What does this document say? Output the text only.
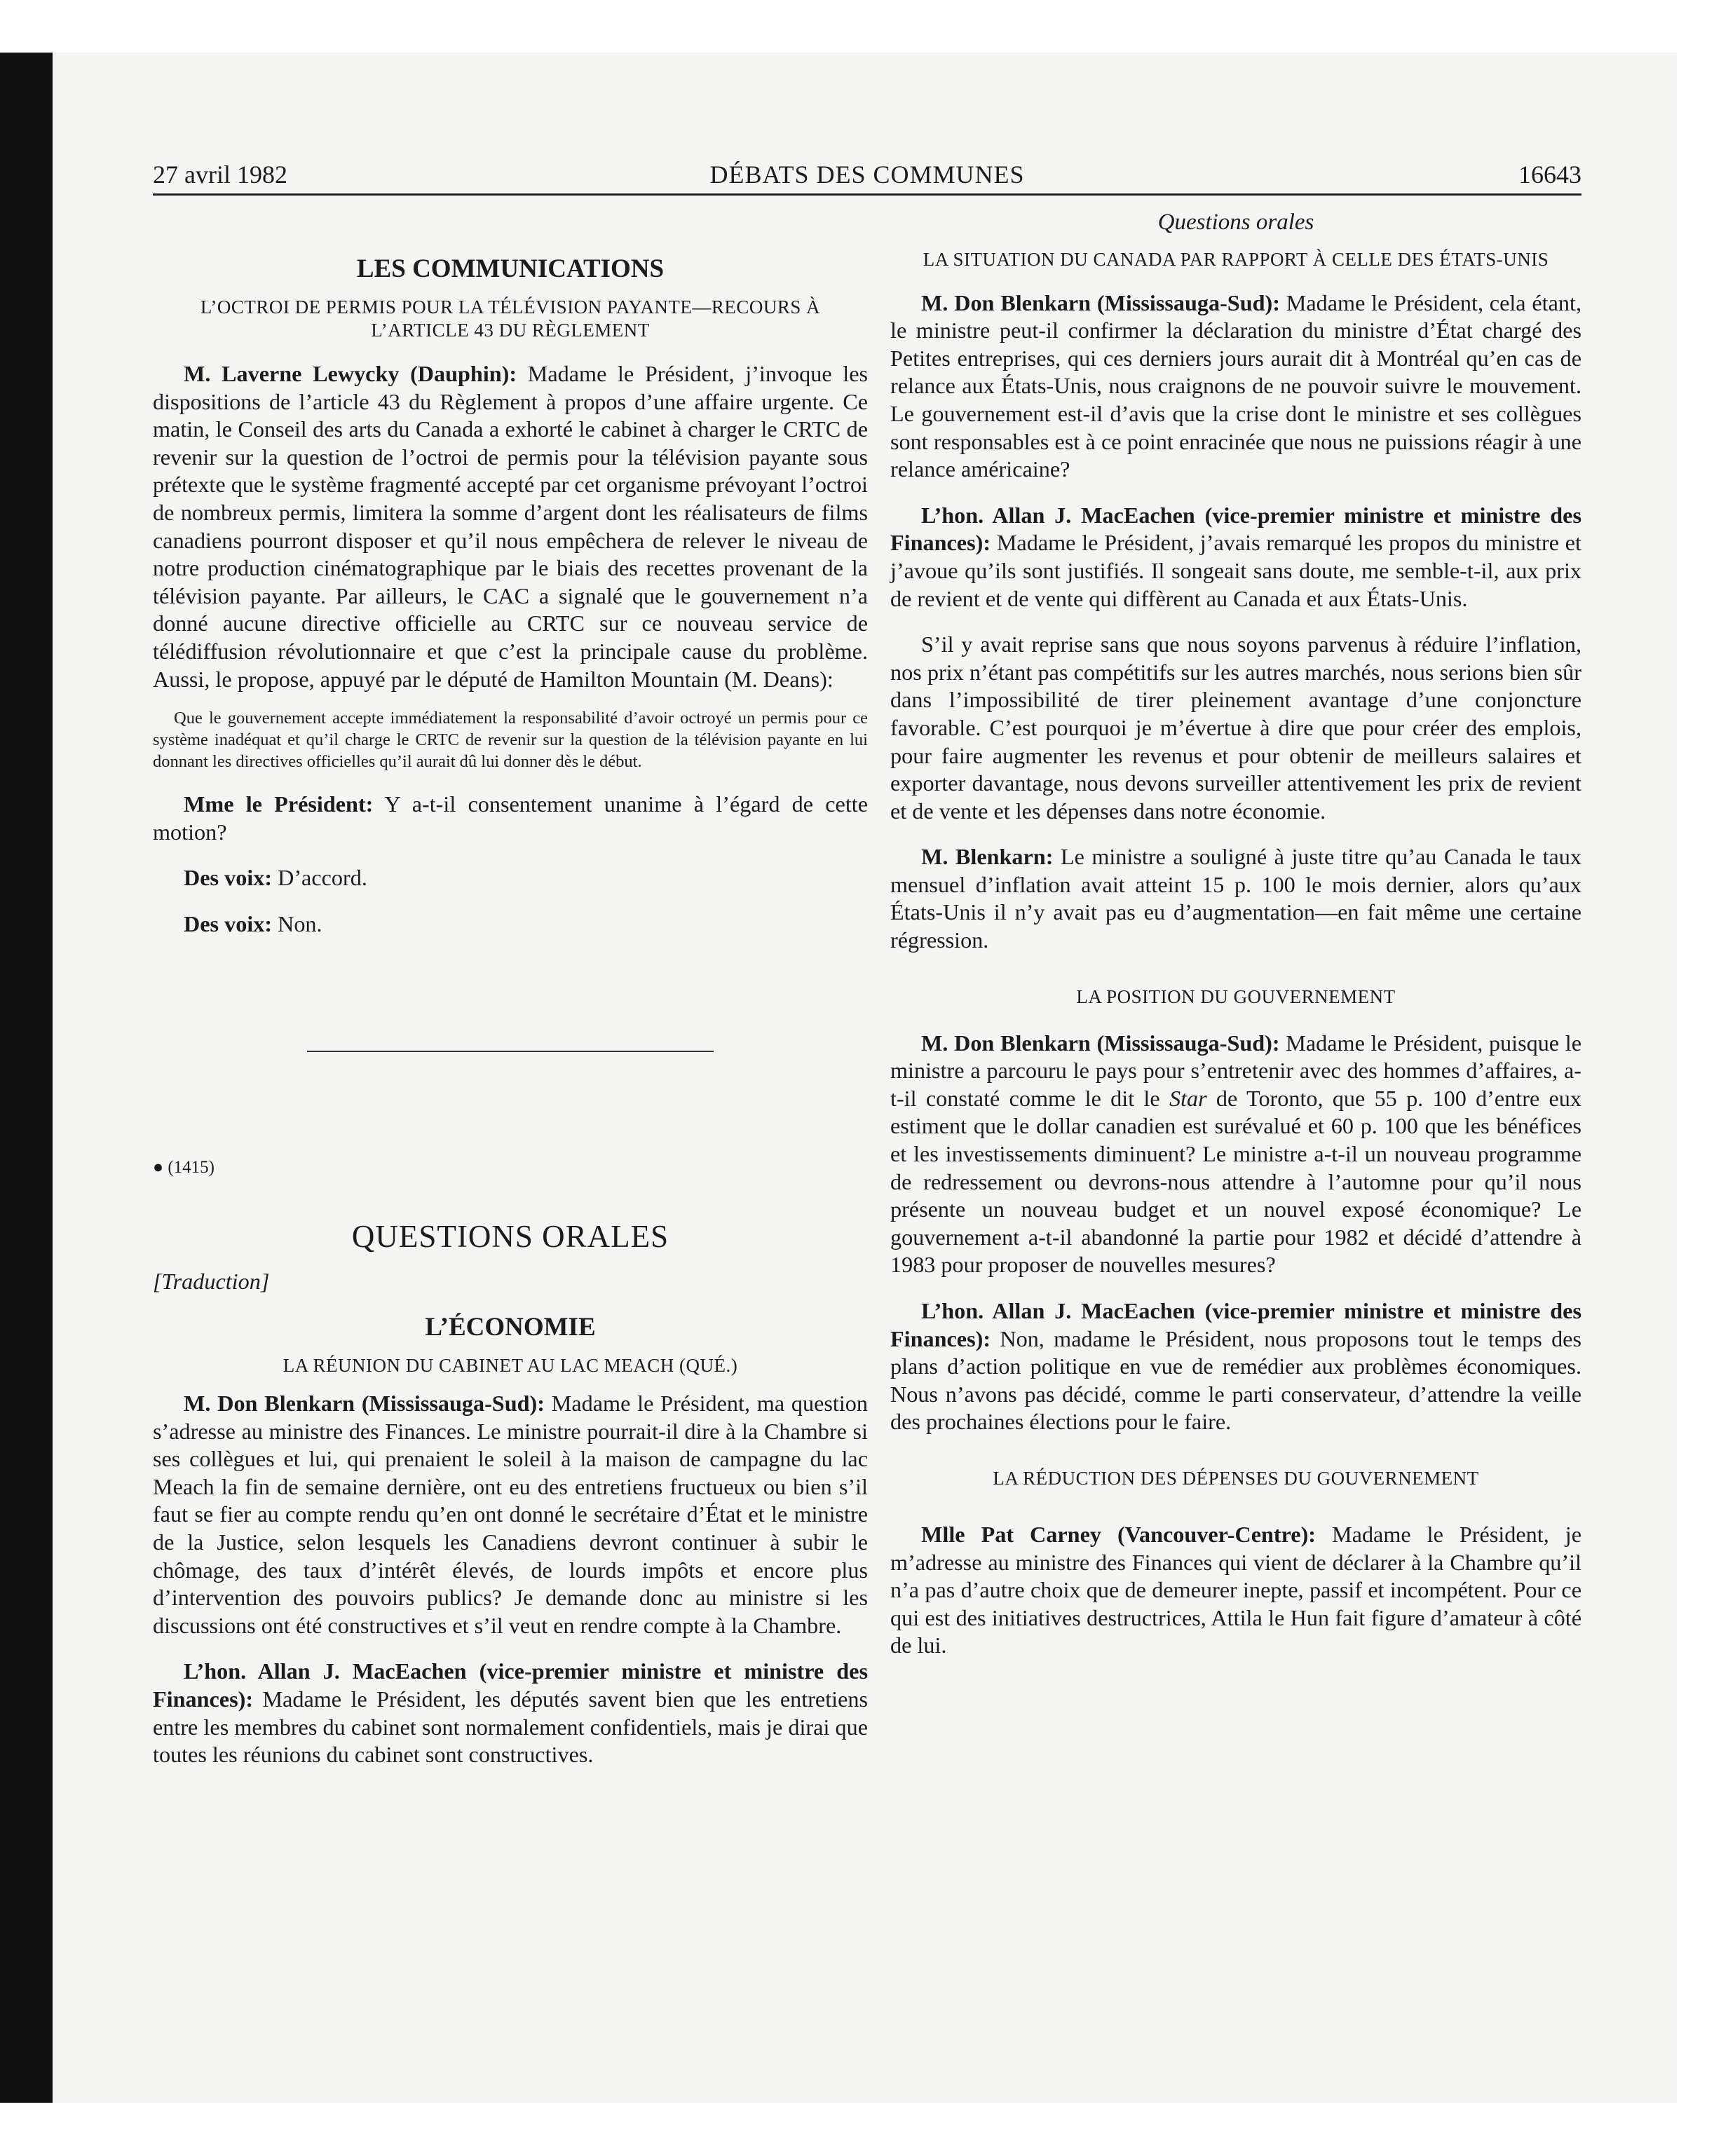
27 avril 1982	DÉBATS DES COMMUNES	16643
LES COMMUNICATIONS
L’OCTROI DE PERMIS POUR LA TÉLÉVISION PAYANTE—RECOURS À L’ARTICLE 43 DU RÈGLEMENT

M. Laverne Lewycky (Dauphin): Madame le Président, j’invoque les dispositions de l’article 43 du Règlement à propos d’une affaire urgente. Ce matin, le Conseil des arts du Canada a exhorté le cabinet à charger le CRTC de revenir sur la question de l’octroi de permis pour la télévision payante sous prétexte que le système fragmenté accepté par cet organisme prévoyant l’octroi de nombreux permis, limitera la somme d’argent dont les réalisateurs de films canadiens pourront disposer et qu’il nous empêchera de relever le niveau de notre production cinématographique par le biais des recettes provenant de la télévision payante. Par ailleurs, le CAC a signalé que le gouvernement n’a donné aucune directive officielle au CRTC sur ce nouveau service de télédiffusion révolutionnaire et que c’est la principale cause du problème. Aussi, le propose, appuyé par le député de Hamilton Mountain (M. Deans):

Que le gouvernement accepte immédiatement la responsabilité d’avoir octroyé un permis pour ce système inadéquat et qu’il charge le CRTC de revenir sur la question de la télévision payante en lui donnant les directives officielles qu’il aurait dû lui donner dès le début.

Mme le Président: Y a-t-il consentement unanime à l’égard de cette motion?

Des voix: D’accord.

Des voix: Non.

● (1415)
QUESTIONS ORALES

[Traduction]

L’ÉCONOMIE
LA RÉUNION DU CABINET AU LAC MEACH (QUÉ.)

M. Don Blenkarn (Mississauga-Sud): Madame le Président, ma question s’adresse au ministre des Finances. Le ministre pourrait-il dire à la Chambre si ses collègues et lui, qui prenaient le soleil à la maison de campagne du lac Meach la fin de semaine dernière, ont eu des entretiens fructueux ou bien s’il faut se fier au compte rendu qu’en ont donné le secrétaire d’État et le ministre de la Justice, selon lesquels les Canadiens devront continuer à subir le chômage, des taux d’intérêt élevés, de lourds impôts et encore plus d’intervention des pouvoirs publics? Je demande donc au ministre si les discussions ont été constructives et s’il veut en rendre compte à la Chambre.

L’hon. Allan J. MacEachen (vice-premier ministre et ministre des Finances): Madame le Président, les députés savent bien que les entretiens entre les membres du cabinet sont normalement confidentiels, mais je dirai que toutes les réunions du cabinet sont constructives.

Questions orales

LA SITUATION DU CANADA PAR RAPPORT À CELLE DES ÉTATS-UNIS

M. Don Blenkarn (Mississauga-Sud): Madame le Président, cela étant, le ministre peut-il confirmer la déclaration du ministre d’État chargé des Petites entreprises, qui ces derniers jours aurait dit à Montréal qu’en cas de relance aux États-Unis, nous craignons de ne pouvoir suivre le mouvement. Le gouvernement est-il d’avis que la crise dont le ministre et ses collègues sont responsables est à ce point enracinée que nous ne puissions réagir à une relance américaine?

L’hon. Allan J. MacEachen (vice-premier ministre et ministre des Finances): Madame le Président, j’avais remarqué les propos du ministre et j’avoue qu’ils sont justifiés. Il songeait sans doute, me semble-t-il, aux prix de revient et de vente qui diffèrent au Canada et aux États-Unis.

S’il y avait reprise sans que nous soyons parvenus à réduire l’inflation, nos prix n’étant pas compétitifs sur les autres marchés, nous serions bien sûr dans l’impossibilité de tirer pleinement avantage d’une conjoncture favorable. C’est pourquoi je m’évertue à dire que pour créer des emplois, pour faire augmenter les revenus et pour obtenir de meilleurs salaires et exporter davantage, nous devons surveiller attentivement les prix de revient et de vente et les dépenses dans notre économie.

M. Blenkarn: Le ministre a souligné à juste titre qu’au Canada le taux mensuel d’inflation avait atteint 15 p. 100 le mois dernier, alors qu’aux États-Unis il n’y avait pas eu d’augmentation—en fait même une certaine régression.

LA POSITION DU GOUVERNEMENT

M. Don Blenkarn (Mississauga-Sud): Madame le Président, puisque le ministre a parcouru le pays pour s’entretenir avec des hommes d’affaires, a-t-il constaté comme le dit le Star de Toronto, que 55 p. 100 d’entre eux estiment que le dollar canadien est surévalué et 60 p. 100 que les bénéfices et les investissements diminuent? Le ministre a-t-il un nouveau programme de redressement ou devrons-nous attendre à l’automne pour qu’il nous présente un nouveau budget et un nouvel exposé économique? Le gouvernement a-t-il abandonné la partie pour 1982 et décidé d’attendre à 1983 pour proposer de nouvelles mesures?

L’hon. Allan J. MacEachen (vice-premier ministre et ministre des Finances): Non, madame le Président, nous proposons tout le temps des plans d’action politique en vue de remédier aux problèmes économiques. Nous n’avons pas décidé, comme le parti conservateur, d’attendre la veille des prochaines élections pour le faire.

LA RÉDUCTION DES DÉPENSES DU GOUVERNEMENT

Mlle Pat Carney (Vancouver-Centre): Madame le Président, je m’adresse au ministre des Finances qui vient de déclarer à la Chambre qu’il n’a pas d’autre choix que de demeurer inepte, passif et incompétent. Pour ce qui est des initiatives destructrices, Attila le Hun fait figure d’amateur à côté de lui.
